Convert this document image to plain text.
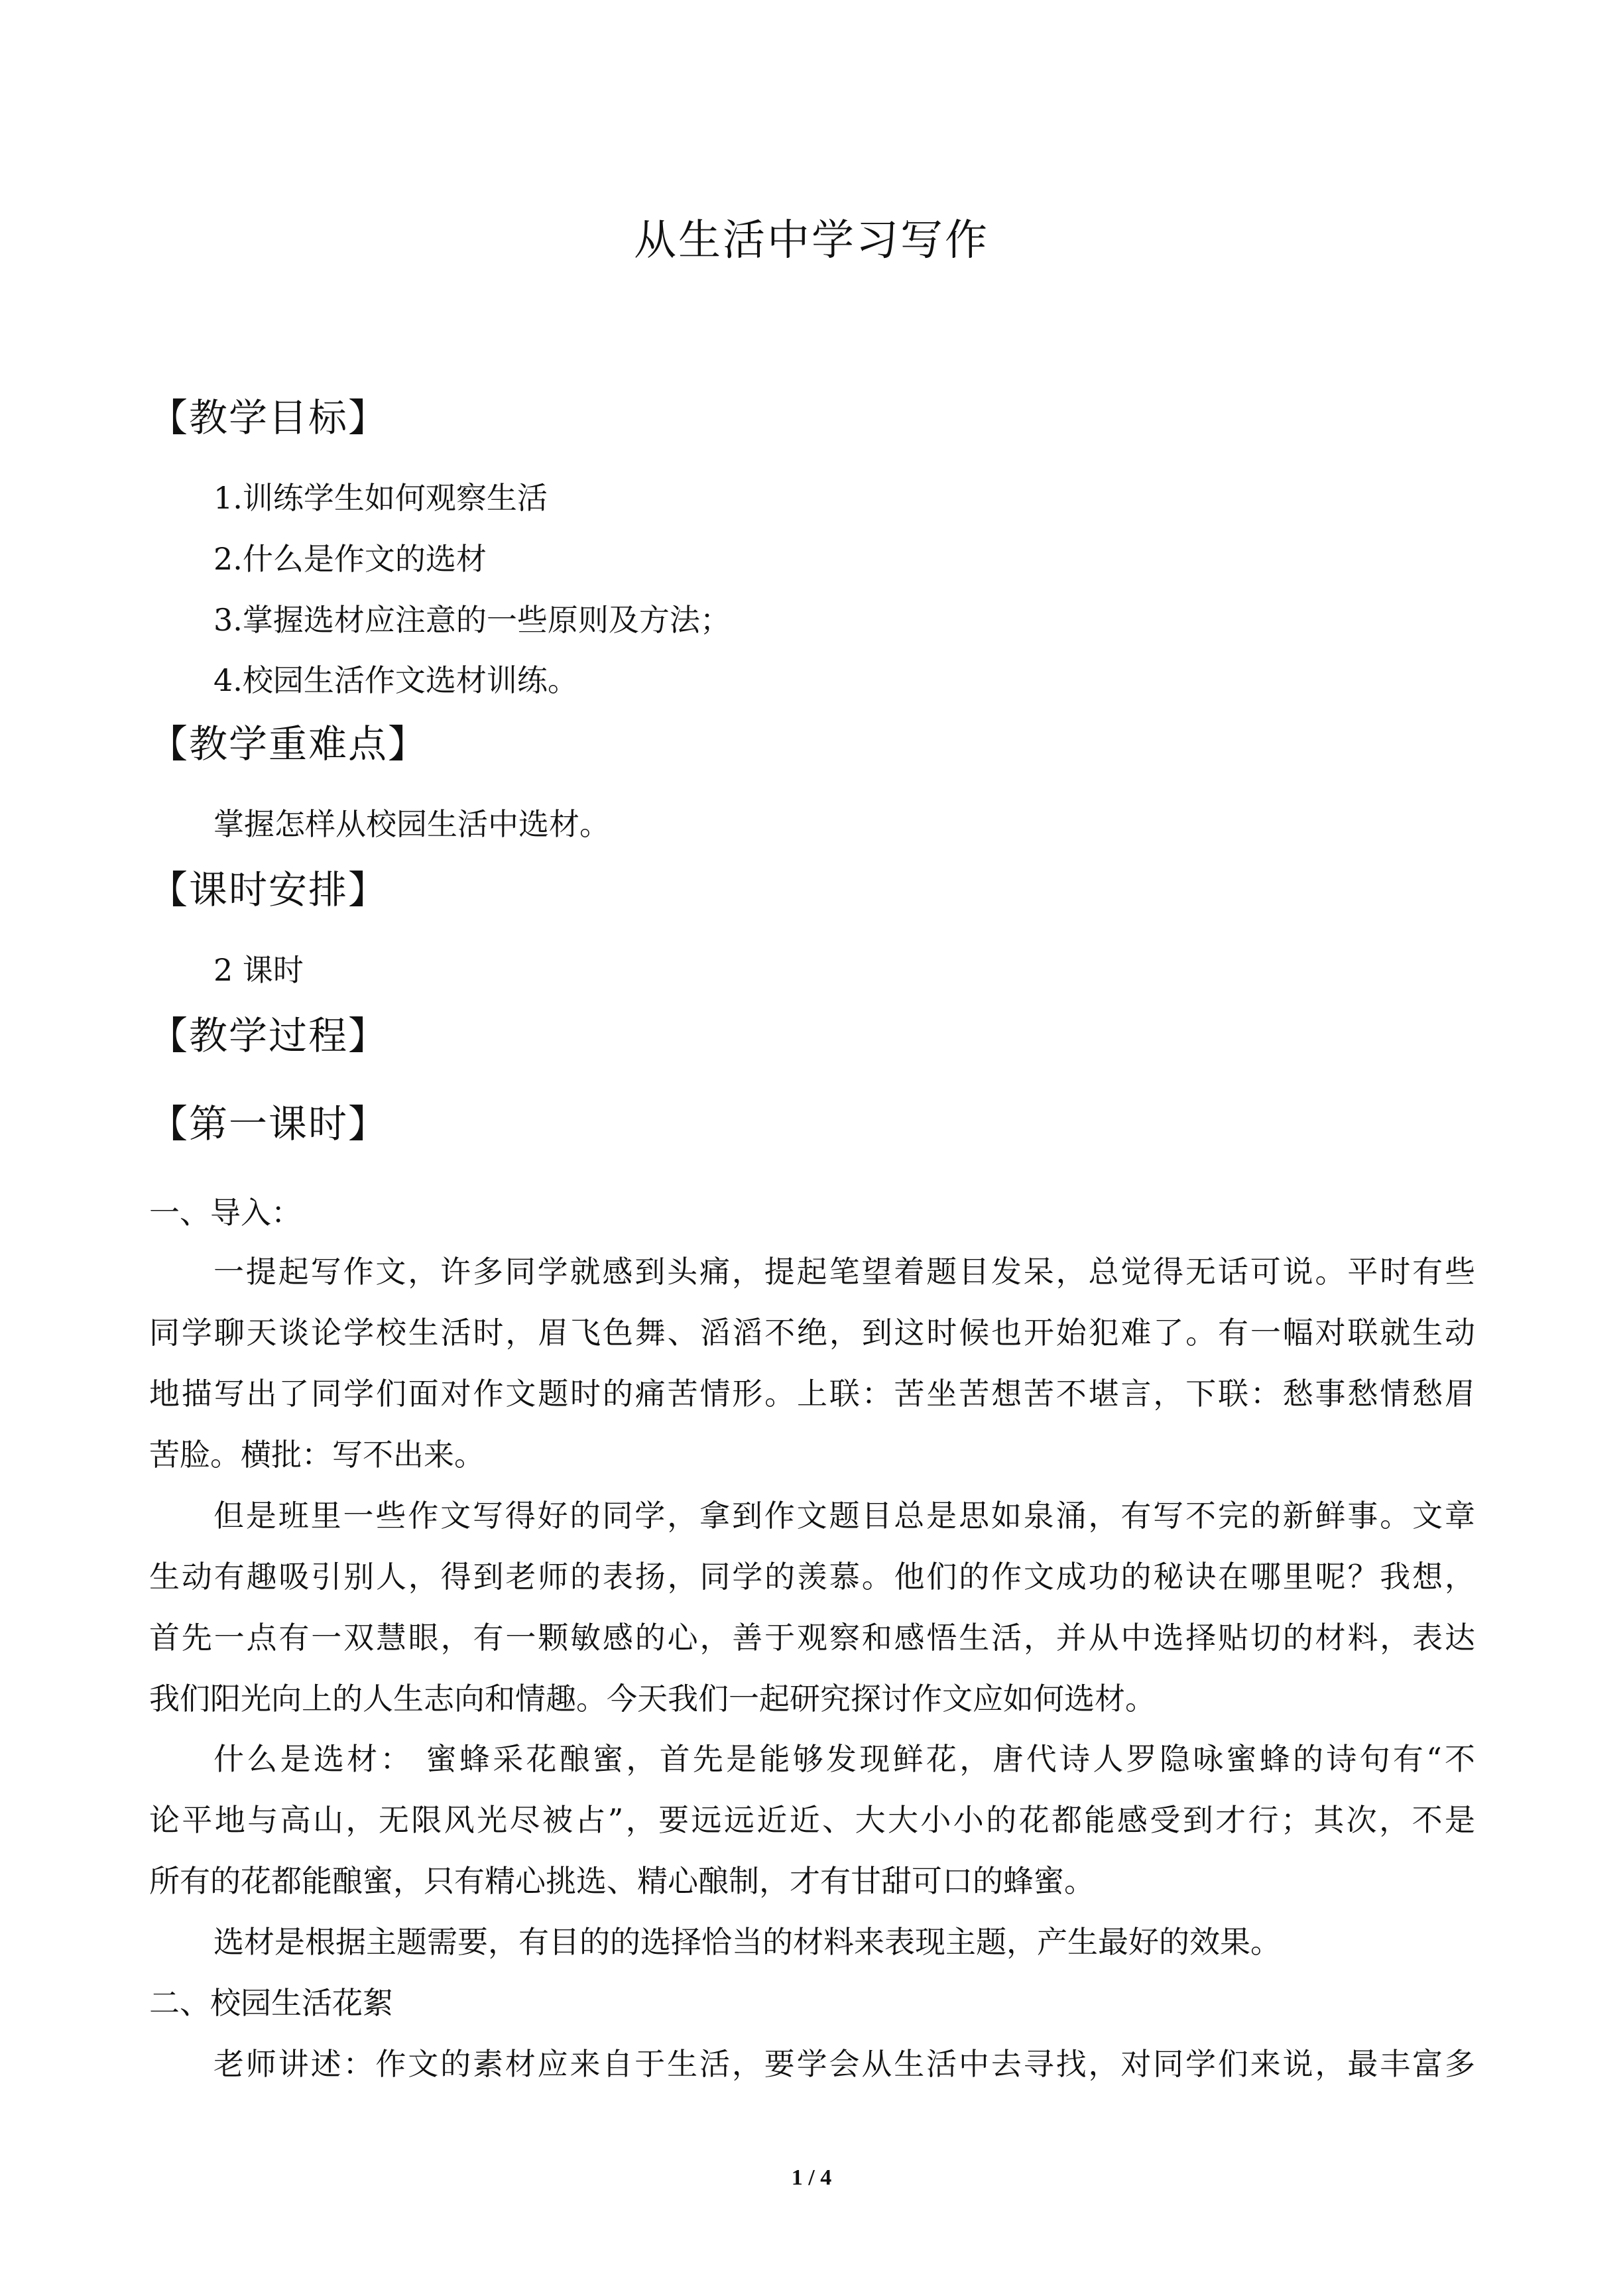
从生活中学习写作
【教学目标】
1.训练学生如何观察生活
2.什么是作文的选材
3.掌握选材应注意的一些原则及方法；
4.校园生活作文选材训练。
【教学重难点】
掌握怎样从校园生活中选材。
【课时安排】
2 课时
【教学过程】
【第一课时】
一、导入：
一提起写作文，许多同学就感到头痛，提起笔望着题目发呆，总觉得无话可说。平时有些
同学聊天谈论学校生活时，眉飞色舞、滔滔不绝，到这时候也开始犯难了。有一幅对联就生动
地描写出了同学们面对作文题时的痛苦情形。上联：苦坐苦想苦不堪言，下联：愁事愁情愁眉
苦脸。横批：写不出来。
但是班里一些作文写得好的同学，拿到作文题目总是思如泉涌，有写不完的新鲜事。文章
生动有趣吸引别人，得到老师的表扬，同学的羡慕。他们的作文成功的秘诀在哪里呢？我想，
首先一点有一双慧眼，有一颗敏感的心，善于观察和感悟生活，并从中选择贴切的材料，表达
我们阳光向上的人生志向和情趣。今天我们一起研究探讨作文应如何选材。
什么是选材： 蜜蜂采花酿蜜，首先是能够发现鲜花，唐代诗人罗隐咏蜜蜂的诗句有“不
论平地与高山，无限风光尽被占”，要远远近近、大大小小的花都能感受到才行；其次，不是
所有的花都能酿蜜，只有精心挑选、精心酿制，才有甘甜可口的蜂蜜。
选材是根据主题需要，有目的的选择恰当的材料来表现主题，产生最好的效果。
二、校园生活花絮
老师讲述：作文的素材应来自于生活，要学会从生活中去寻找，对同学们来说，最丰富多
1 / 4
